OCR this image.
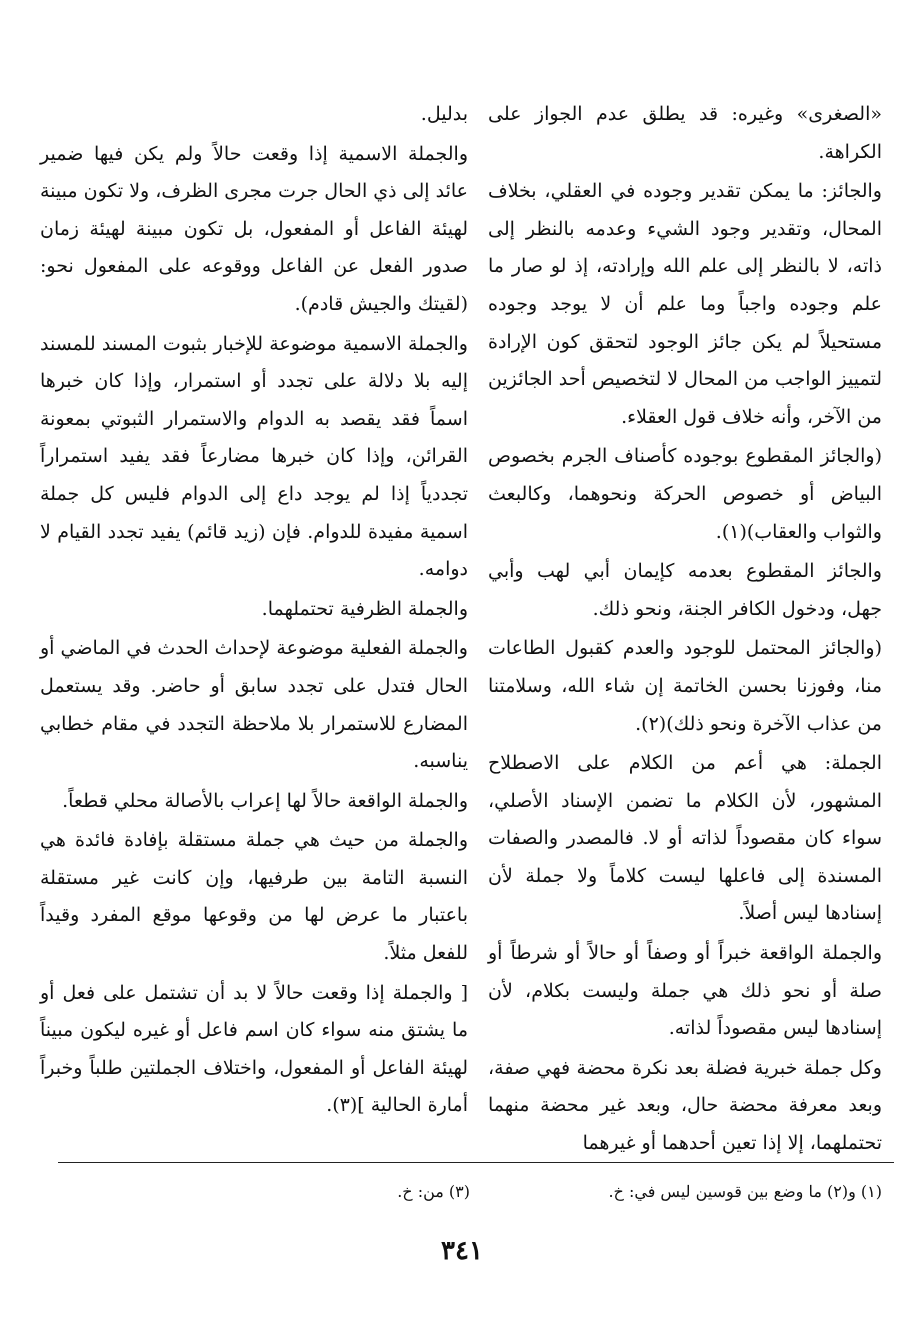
«الصغرى» وغيره: قد يطلق عدم الجواز على الكراهة.

والجائز: ما يمكن تقدير وجوده في العقلي، بخلاف المحال، وتقدير وجود الشيء وعدمه بالنظر إلى ذاته، لا بالنظر إلى علم الله وإرادته، إذ لو صار ما علم وجوده واجباً وما علم أن لا يوجد وجوده مستحيلاً لم يكن جائز الوجود لتحقق كون الإرادة لتمييز الواجب من المحال لا لتخصيص أحد الجائزين من الآخر، وأنه خلاف قول العقلاء.

(والجائز المقطوع بوجوده كأصناف الجرم بخصوص البياض أو خصوص الحركة ونحوهما، وكالبعث والثواب والعقاب)(١).

والجائز المقطوع بعدمه كإيمان أبي لهب وأبي جهل، ودخول الكافر الجنة، ونحو ذلك.

(والجائز المحتمل للوجود والعدم كقبول الطاعات منا، وفوزنا بحسن الخاتمة إن شاء الله، وسلامتنا من عذاب الآخرة ونحو ذلك)(٢).

الجملة: هي أعم من الكلام على الاصطلاح المشهور، لأن الكلام ما تضمن الإسناد الأصلي، سواء كان مقصوداً لذاته أو لا. فالمصدر والصفات المسندة إلى فاعلها ليست كلاماً ولا جملة لأن إسنادها ليس أصلاً.

والجملة الواقعة خبراً أو وصفاً أو حالاً أو شرطاً أو صلة أو نحو ذلك هي جملة وليست بكلام، لأن إسنادها ليس مقصوداً لذاته.

وكل جملة خبرية فضلة بعد نكرة محضة فهي صفة، وبعد معرفة محضة حال، وبعد غير محضة منهما تحتملهما، إلا إذا تعين أحدهما أو غيرهما

بدليل.

والجملة الاسمية إذا وقعت حالاً ولم يكن فيها ضمير عائد إلى ذي الحال جرت مجرى الظرف، ولا تكون مبينة لهيئة الفاعل أو المفعول، بل تكون مبينة لهيئة زمان صدور الفعل عن الفاعل ووقوعه على المفعول نحو: (لقيتك والجيش قادم).

والجملة الاسمية موضوعة للإخبار بثبوت المسند للمسند إليه بلا دلالة على تجدد أو استمرار، وإذا كان خبرها اسماً فقد يقصد به الدوام والاستمرار الثبوتي بمعونة القرائن، وإذا كان خبرها مضارعاً فقد يفيد استمراراً تجددياً إذا لم يوجد داع إلى الدوام فليس كل جملة اسمية مفيدة للدوام. فإن (زيد قائم) يفيد تجدد القيام لا دوامه.

والجملة الظرفية تحتملهما.

والجملة الفعلية موضوعة لإحداث الحدث في الماضي أو الحال فتدل على تجدد سابق أو حاضر. وقد يستعمل المضارع للاستمرار بلا ملاحظة التجدد في مقام خطابي يناسبه.

والجملة الواقعة حالاً لها إعراب بالأصالة محلي قطعاً.

والجملة من حيث هي جملة مستقلة بإفادة فائدة هي النسبة التامة بين طرفيها، وإن كانت غير مستقلة باعتبار ما عرض لها من وقوعها موقع المفرد وقيداً للفعل مثلاً.

[ والجملة إذا وقعت حالاً لا بد أن تشتمل على فعل أو ما يشتق منه سواء كان اسم فاعل أو غيره ليكون مبيناً لهيئة الفاعل أو المفعول، واختلاف الجملتين طلباً وخبراً أمارة الحالية ](٣).

(١) و(٢) ما وضع بين قوسين ليس في: خ.
(٣) من: خ.
٣٤١
